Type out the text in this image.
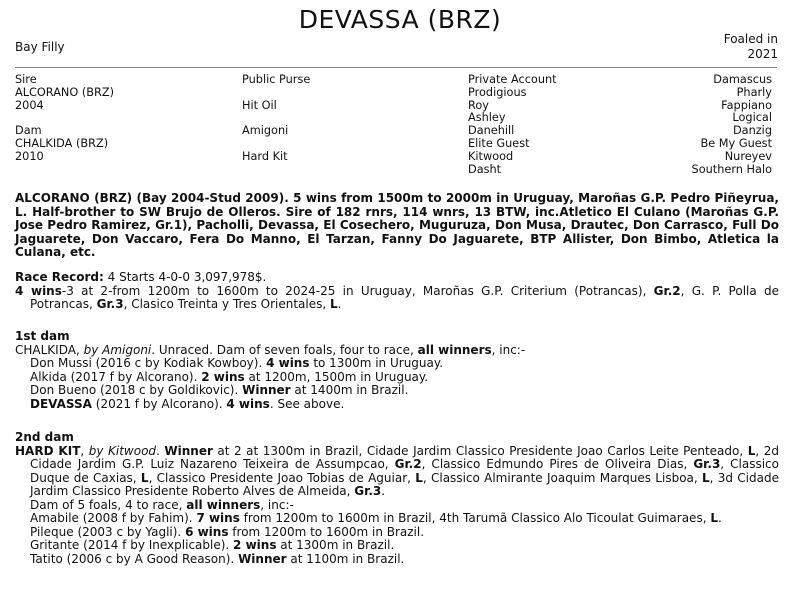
DEVASSA (BRZ)
Bay Filly
Foaled in
2021
Sire
ALCORANO (BRZ)
2004

Dam
CHALKIDA (BRZ)
2010
Public Purse

Hit Oil

Amigoni

Hard Kit
Private Account
Prodigious
Roy
Ashley
Danehill
Elite Guest
Kitwood
Dasht
Damascus
Pharly
Fappiano
Logical
Danzig
Be My Guest
Nureyev
Southern Halo
ALCORANO (BRZ) (Bay 2004-Stud 2009). 5 wins from 1500m to 2000m in Uruguay, Maroñas G.P. Pedro Piñeyrua, L. Half-brother to SW Brujo de Olleros. Sire of 182 rnrs, 114 wnrs, 13 BTW, inc.Atletico El Culano (Maroñas G.P. Jose Pedro Ramirez, Gr.1), Pacholli, Devassa, El Cosechero, Muguruza, Don Musa, Drautec, Don Carrasco, Full Do Jaguarete, Don Vaccaro, Fera Do Manno, El Tarzan, Fanny Do Jaguarete, BTP Allister, Don Bimbo, Atletica la Culana, etc.
Race Record: 4 Starts 4-0-0 3,097,978$.
4 wins-3 at 2-from 1200m to 1600m to 2024-25 in Uruguay, Maroñas G.P. Criterium (Potrancas), Gr.2, G. P. Polla de Potrancas, Gr.3, Clasico Treinta y Tres Orientales, L.
1st dam
CHALKIDA, by Amigoni. Unraced. Dam of seven foals, four to race, all winners, inc:-
Don Mussi (2016 c by Kodiak Kowboy). 4 wins to 1300m in Uruguay.
Alkida (2017 f by Alcorano). 2 wins at 1200m, 1500m in Uruguay.
Don Bueno (2018 c by Goldikovic). Winner at 1400m in Brazil.
DEVASSA (2021 f by Alcorano). 4 wins. See above.
2nd dam
HARD KIT, by Kitwood. Winner at 2 at 1300m in Brazil, Cidade Jardim Classico Presidente Joao Carlos Leite Penteado, L, 2d Cidade Jardim G.P. Luiz Nazareno Teixeira de Assumpcao, Gr.2, Classico Edmundo Pires de Oliveira Dias, Gr.3, Classico Duque de Caxias, L, Classico Presidente Joao Tobias de Aguiar, L, Classico Almirante Joaquim Marques Lisboa, L, 3d Cidade Jardim Classico Presidente Roberto Alves de Almeida, Gr.3.
Dam of 5 foals, 4 to race, all winners, inc:-
Amabile (2008 f by Fahim). 7 wins from 1200m to 1600m in Brazil, 4th Tarumã Classico Alo Ticoulat Guimaraes, L.
Pileque (2003 c by Yagli). 6 wins from 1200m to 1600m in Brazil.
Gritante (2014 f by Inexplicable). 2 wins at 1300m in Brazil.
Tatito (2006 c by A Good Reason). Winner at 1100m in Brazil.
